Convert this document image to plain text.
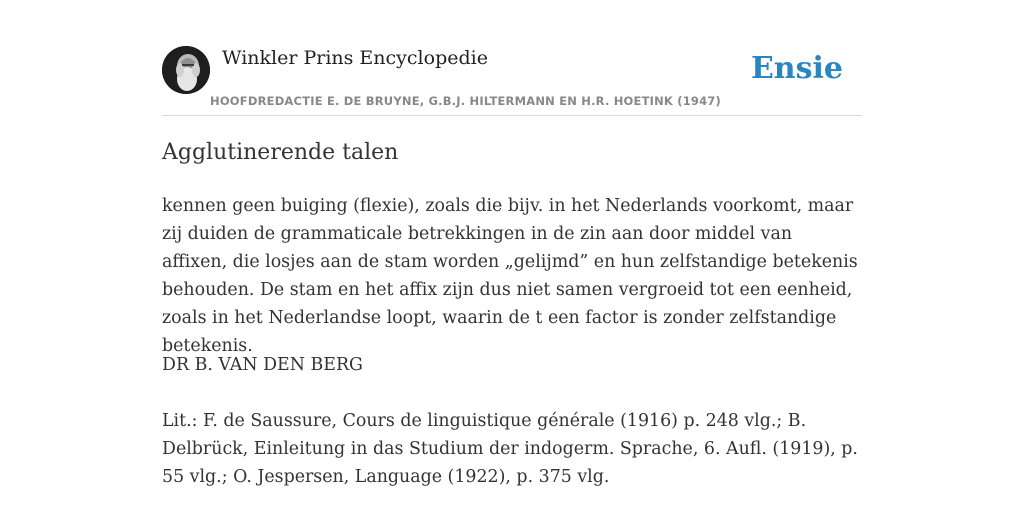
Winkler Prins Encyclopedie
HOOFDREDACTIE E. DE BRUYNE, G.B.J. HILTERMANN EN H.R. HOETINK (1947)
Ensie
Agglutinerende talen

kennen geen buiging (flexie), zoals die bijv. in het Nederlands voorkomt, maar zij duiden de grammaticale betrekkingen in de zin aan door middel van affixen, die losjes aan de stam worden „gelijmd” en hun zelfstandige betekenis behouden. De stam en het affix zijn dus niet samen vergroeid tot een eenheid, zoals in het Nederlandse loopt, waarin de t een factor is zonder zelfstandige betekenis.

DR B. VAN DEN BERG

Lit.: F. de Saussure, Cours de linguistique générale (1916) p. 248 vlg.; B. Delbrück, Einleitung in das Studium der indogerm. Sprache, 6. Aufl. (1919), p. 55 vlg.; O. Jespersen, Language (1922), p. 375 vlg.
